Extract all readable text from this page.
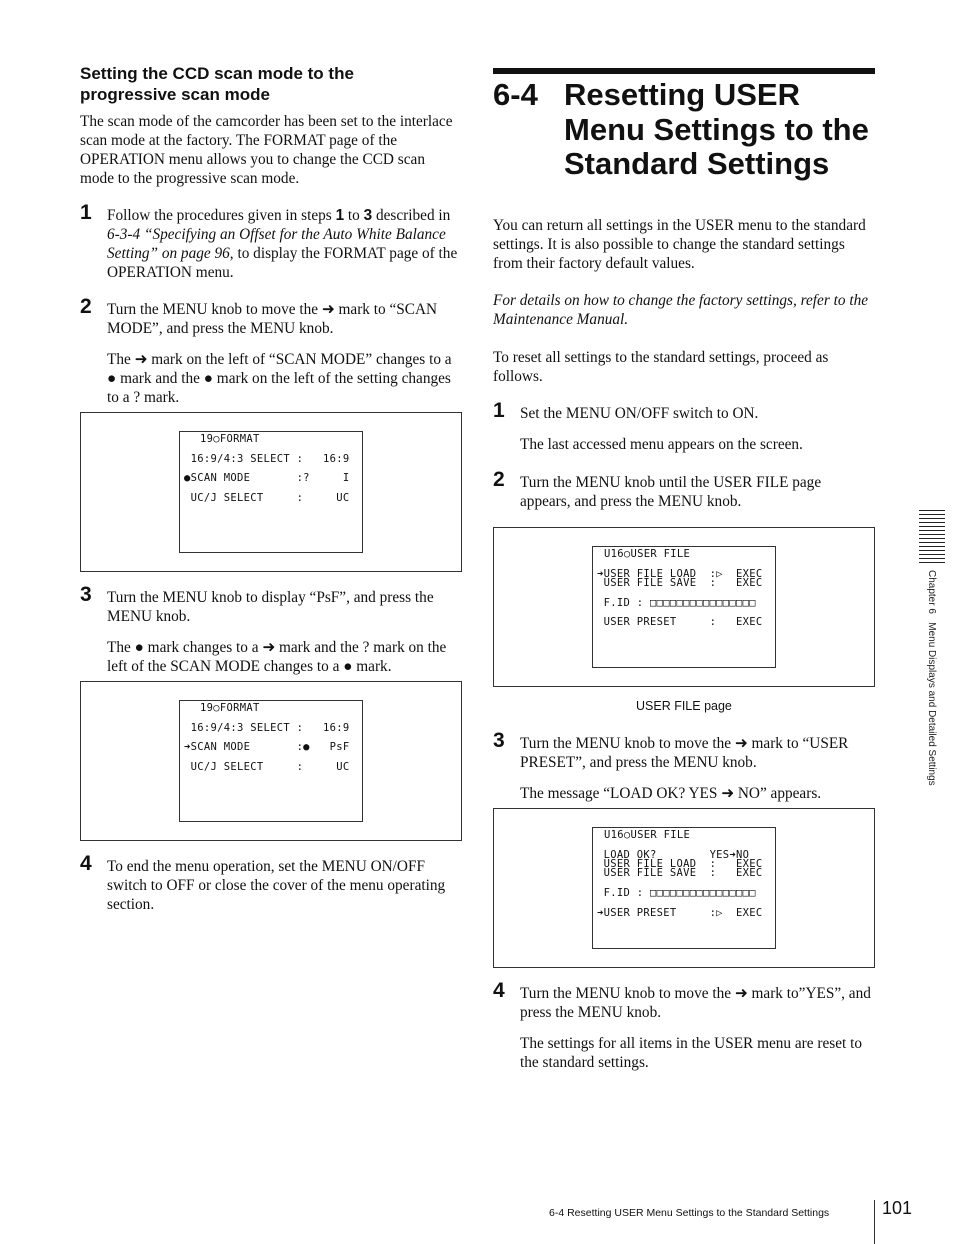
Setting the CCD scan mode to the progressive scan mode
The scan mode of the camcorder has been set to the interlace scan mode at the factory. The FORMAT page of the OPERATION menu allows you to change the CCD scan mode to the progressive scan mode.
1 Follow the procedures given in steps 1 to 3 described in 6-3-4 “Specifying an Offset for the Auto White Balance Setting” on page 96, to display the FORMAT page of the OPERATION menu.
2 Turn the MENU knob to move the ➜ mark to “SCAN MODE”, and press the MENU knob.
The ➜ mark on the left of “SCAN MODE” changes to a ● mark and the ● mark on the left of the setting changes to a ? mark.
19○FORMAT
16:9/4:3 SELECT :   16:9
●SCAN MODE       :?     I
UC/J SELECT     :     UC
3 Turn the MENU knob to display “PsF”, and press the MENU knob.
The ● mark changes to a ➜ mark and the ? mark on the left of the SCAN MODE changes to a ● mark.
19○FORMAT
16:9/4:3 SELECT :   16:9
➜SCAN MODE       :●   PsF
UC/J SELECT     :     UC
4 To end the menu operation, set the MENU ON/OFF switch to OFF or close the cover of the menu operating section.
6-4 Resetting USER Menu Settings to the Standard Settings
You can return all settings in the USER menu to the standard settings. It is also possible to change the standard settings from their factory default values.
For details on how to change the factory settings, refer to the Maintenance Manual.
To reset all settings to the standard settings, proceed as follows.
1 Set the MENU ON/OFF switch to ON.
The last accessed menu appears on the screen.
2 Turn the MENU knob until the USER FILE page appears, and press the MENU knob.
U16○USER FILE
➜USER FILE LOAD  :▷  EXEC
USER FILE SAVE  :   EXEC
F.ID : □□□□□□□□□□□□□□□□
USER PRESET     :   EXEC
USER FILE page
3 Turn the MENU knob to move the ➜ mark to “USER PRESET”, and press the MENU knob.
The message “LOAD OK? YES ➜ NO” appears.
U16○USER FILE
LOAD OK?        YES➜NO
USER FILE LOAD  :   EXEC
USER FILE SAVE  :   EXEC
F.ID : □□□□□□□□□□□□□□□□
➜USER PRESET     :▷  EXEC
4 Turn the MENU knob to move the ➜ mark to”YES”, and press the MENU knob.
The settings for all items in the USER menu are reset to the standard settings.
Chapter 6   Menu Displays and Detailed Settings
6-4 Resetting USER Menu Settings to the Standard Settings	101
